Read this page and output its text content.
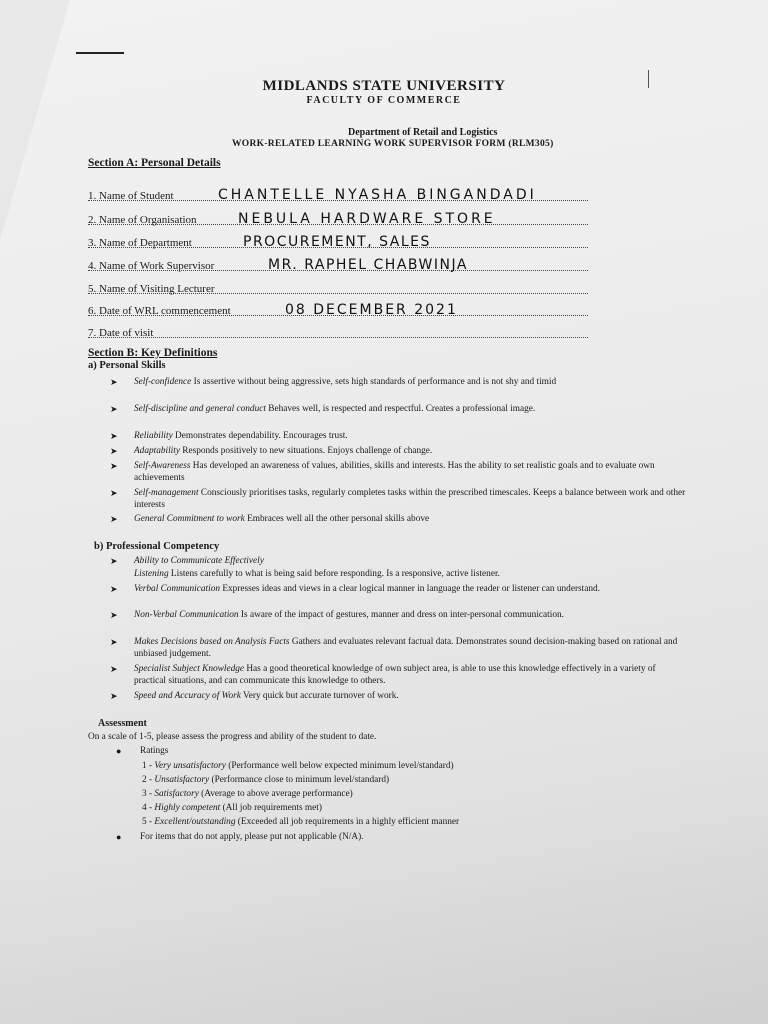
MIDLANDS STATE UNIVERSITY
FACULTY OF COMMERCE
Department of Retail and Logistics
WORK-RELATED LEARNING WORK SUPERVISOR FORM (RLM305)
Section A: Personal Details
1. Name of Student	CHANTELLE NYASHA BINGANDADI
2. Name of Organisation	NEBULA HARDWARE STORE
3. Name of Department	PROCUREMENT, SALES
4. Name of Work Supervisor	MR. RAPHEL CHABWINJA
5. Name of Visiting Lecturer
6. Date of WRL commencement	08 DECEMBER 2021
7. Date of visit
Section B: Key Definitions
a) Personal Skills
➤ Self-confidence Is assertive without being aggressive, sets high standards of performance and is not shy and timid
➤ Self-discipline and general conduct Behaves well, is respected and respectful. Creates a professional image.
➤ Reliability Demonstrates dependability. Encourages trust.
➤ Adaptability Responds positively to new situations. Enjoys challenge of change.
➤ Self-Awareness Has developed an awareness of values, abilities, skills and interests. Has the ability to set realistic goals and to evaluate own achievements
➤ Self-management Consciously prioritises tasks, regularly completes tasks within the prescribed timescales. Keeps a balance between work and other interests
➤ General Commitment to work Embraces well all the other personal skills above
b) Professional Competency
➤ Ability to Communicate Effectively
Listening Listens carefully to what is being said before responding. Is a responsive, active listener.
➤ Verbal Communication Expresses ideas and views in a clear logical manner in language the reader or listener can understand.
➤ Non-Verbal Communication Is aware of the impact of gestures, manner and dress on inter-personal communication.
➤ Makes Decisions based on Analysis Facts Gathers and evaluates relevant factual data. Demonstrates sound decision-making based on rational and unbiased judgement.
➤ Specialist Subject Knowledge Has a good theoretical knowledge of own subject area, is able to use this knowledge effectively in a variety of practical situations, and can communicate this knowledge to others.
➤ Speed and Accuracy of Work Very quick but accurate turnover of work.
Assessment
On a scale of 1-5, please assess the progress and ability of the student to date.
● Ratings
1 - Very unsatisfactory (Performance well below expected minimum level/standard)
2 - Unsatisfactory (Performance close to minimum level/standard)
3 - Satisfactory (Average to above average performance)
4 - Highly competent (All job requirements met)
5 - Excellent/outstanding (Exceeded all job requirements in a highly efficient manner
● For items that do not apply, please put not applicable (N/A).
